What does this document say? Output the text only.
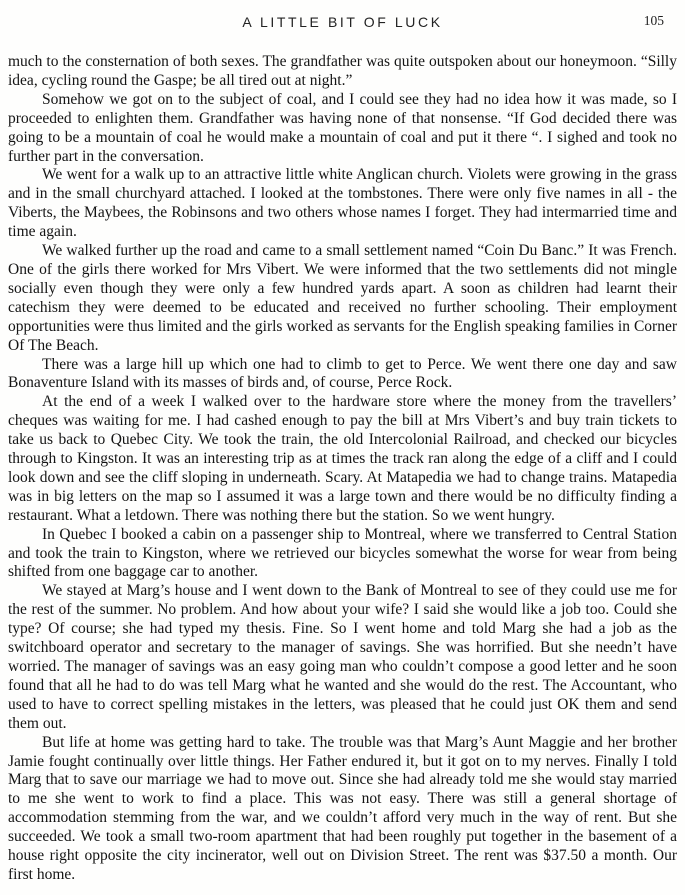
A LITTLE BIT OF LUCK	105

much to the consternation of both sexes. The grandfather was quite outspoken about our honeymoon. “Silly idea, cycling round the Gaspe; be all tired out at night.”

Somehow we got on to the subject of coal, and I could see they had no idea how it was made, so I proceeded to enlighten them. Grandfather was having none of that nonsense. “If God decided there was going to be a mountain of coal he would make a mountain of coal and put it there “. I sighed and took no further part in the conversation.

We went for a walk up to an attractive little white Anglican church. Violets were growing in the grass and in the small churchyard attached. I looked at the tombstones. There were only five names in all - the Viberts, the Maybees, the Robinsons and two others whose names I forget. They had intermarried time and time again.

We walked further up the road and came to a small settlement named “Coin Du Banc.” It was French. One of the girls there worked for Mrs Vibert. We were informed that the two settlements did not mingle socially even though they were only a few hundred yards apart. A soon as children had learnt their catechism they were deemed to be educated and received no further schooling. Their employment opportunities were thus limited and the girls worked as servants for the English speaking families in Corner Of The Beach.

There was a large hill up which one had to climb to get to Perce. We went there one day and saw Bonaventure Island with its masses of birds and, of course, Perce Rock.

At the end of a week I walked over to the hardware store where the money from the travellers’ cheques was waiting for me. I had cashed enough to pay the bill at Mrs Vibert’s and buy train tickets to take us back to Quebec City. We took the train, the old Intercolonial Railroad, and checked our bicycles through to Kingston. It was an interesting trip as at times the track ran along the edge of a cliff and I could look down and see the cliff sloping in underneath. Scary. At Matapedia we had to change trains. Matapedia was in big letters on the map so I assumed it was a large town and there would be no difficulty finding a restaurant. What a letdown. There was nothing there but the station. So we went hungry.

In Quebec I booked a cabin on a passenger ship to Montreal, where we transferred to Central Station and took the train to Kingston, where we retrieved our bicycles somewhat the worse for wear from being shifted from one baggage car to another.

We stayed at Marg’s house and I went down to the Bank of Montreal to see of they could use me for the rest of the summer. No problem. And how about your wife? I said she would like a job too. Could she type? Of course; she had typed my thesis. Fine. So I went home and told Marg she had a job as the switchboard operator and secretary to the manager of savings. She was horrified. But she needn’t have worried. The manager of savings was an easy going man who couldn’t compose a good letter and he soon found that all he had to do was tell Marg what he wanted and she would do the rest. The Accountant, who used to have to correct spelling mistakes in the letters, was pleased that he could just OK them and send them out.

But life at home was getting hard to take. The trouble was that Marg’s Aunt Maggie and her brother Jamie fought continually over little things. Her Father endured it, but it got on to my nerves. Finally I told Marg that to save our marriage we had to move out. Since she had already told me she would stay married to me she went to work to find a place. This was not easy. There was still a general shortage of accommodation stemming from the war, and we couldn’t afford very much in the way of rent. But she succeeded. We took a small two-room apartment that had been roughly put together in the basement of a house right opposite the city incinerator, well out on Division Street. The rent was $37.50 a month. Our first home.
